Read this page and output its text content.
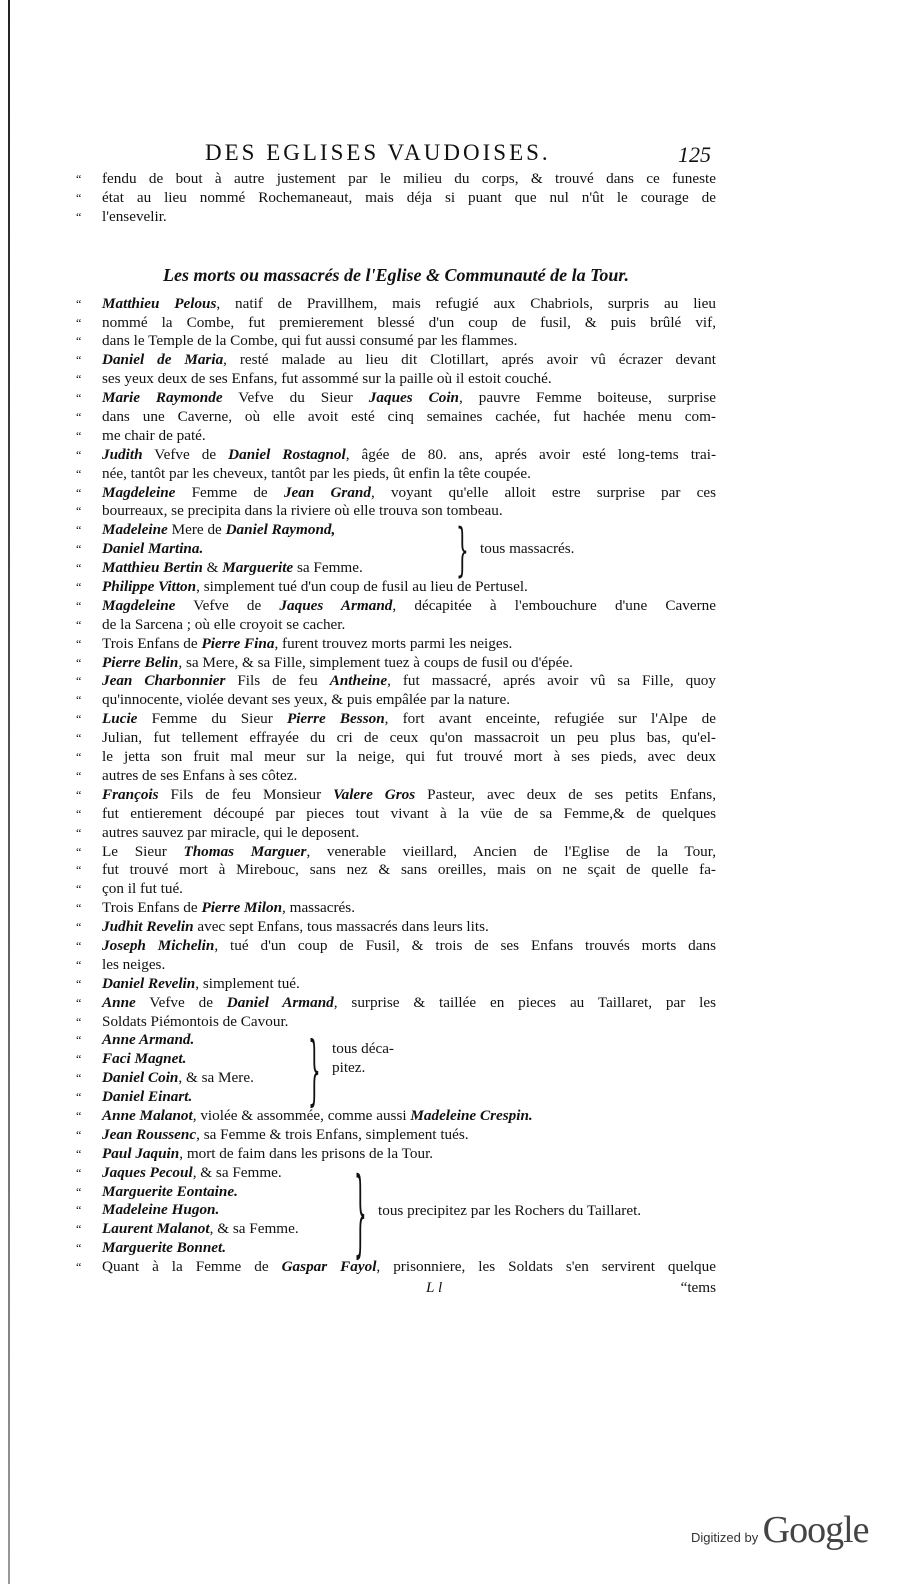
DES EGLISES VAUDOISES.	125
“ fendu de bout à autre justement par le milieu du corps, & trouvé dans ce funeste
“ état au lieu nommé Rochemaneaut, mais déja si puant que nul n'ût le courage de
“ l'ensevelir.
Les morts ou massacrés de l'Eglise & Communauté de la Tour.
“ Matthieu Pelous, natif de Pravillhem, mais refugié aux Chabriols, surpris au lieu
“ nommé la Combe, fut premierement blessé d'un coup de fusil, & puis brûlé vif,
“ dans le Temple de la Combe, qui fut aussi consumé par les flammes.
“ Daniel de Maria, resté malade au lieu dit Clotillart, aprés avoir vû écrazer devant
“ ses yeux deux de ses Enfans, fut assommé sur la paille où il estoit couché.
“ Marie Raymonde Vefve du Sieur Jaques Coin, pauvre Femme boiteuse, surprise
“ dans une Caverne, où elle avoit esté cinq semaines cachée, fut hachée menu com-
“ me chair de paté.
“ Judith Vefve de Daniel Rostagnol, âgée de 80. ans, aprés avoir esté long-tems trai-
“ née, tantôt par les cheveux, tantôt par les pieds, ût enfin la tête coupée.
“ Magdeleine Femme de Jean Grand, voyant qu'elle alloit estre surprise par ces
“ bourreaux, se precipita dans la riviere où elle trouva son tombeau.
“ Madeleine Mere de Daniel Raymond,
“ Daniel Martina.
“ Matthieu Bertin & Marguerite sa Femme.	} tous massacrés.
“ Philippe Vitton, simplement tué d'un coup de fusil au lieu de Pertusel.
“ Magdeleine Vefve de Jaques Armand, décapitée à l'embouchure d'une Caverne
“ de la Sarcena ; où elle croyoit se cacher.
“ Trois Enfans de Pierre Fina, furent trouvez morts parmi les neiges.
“ Pierre Belin, sa Mere, & sa Fille, simplement tuez à coups de fusil ou d'épée.
“ Jean Charbonnier Fils de feu Antheine, fut massacré, aprés avoir vû sa Fille, quoy
“ qu'innocente, violée devant ses yeux, & puis empâlée par la nature.
“ Lucie Femme du Sieur Pierre Besson, fort avant enceinte, refugiée sur l'Alpe de
“ Julian, fut tellement effrayée du cri de ceux qu'on massacroit un peu plus bas, qu'el-
“ le jetta son fruit mal meur sur la neige, qui fut trouvé mort à ses pieds, avec deux
“ autres de ses Enfans à ses côtez.
“ François Fils de feu Monsieur Valere Gros Pasteur, avec deux de ses petits Enfans,
“ fut entierement découpé par pieces tout vivant à la vüe de sa Femme,& de quelques
“ autres sauvez par miracle, qui le deposent.
“ Le Sieur Thomas Marguer, venerable vieillard, Ancien de l'Eglise de la Tour,
“ fut trouvé mort à Mirebouc, sans nez & sans oreilles, mais on ne sçait de quelle fa-
“ çon il fut tué.
“ Trois Enfans de Pierre Milon, massacrés.
“ Judhit Revelin avec sept Enfans, tous massacrés dans leurs lits.
“ Joseph Michelin, tué d'un coup de Fusil, & trois de ses Enfans trouvés morts dans
“ les neiges.
“ Daniel Revelin, simplement tué.
“ Anne Vefve de Daniel Armand, surprise & taillée en pieces au Taillaret, par les
“ Soldats Piémontois de Cavour.
“ Anne Armand.
“ Faci Magnet.
“ Daniel Coin, & sa Mere.
“ Daniel Einart.	} tous déca-
pitez.
“ Anne Malanot, violée & assommée, comme aussi Madeleine Crespin.
“ Jean Roussenc, sa Femme & trois Enfans, simplement tués.
“ Paul Jaquin, mort de faim dans les prisons de la Tour.
“ Jaques Pecoul, & sa Femme.
“ Marguerite Eontaine.
“ Madeleine Hugon.
“ Laurent Malanot, & sa Femme.
“ Marguerite Bonnet.	} tous precipitez par les Rochers du Taillaret.
“ Quant à la Femme de Gaspar Fayol, prisonniere, les Soldats s'en servirent quelque
L l	“tems
Digitized by Google
